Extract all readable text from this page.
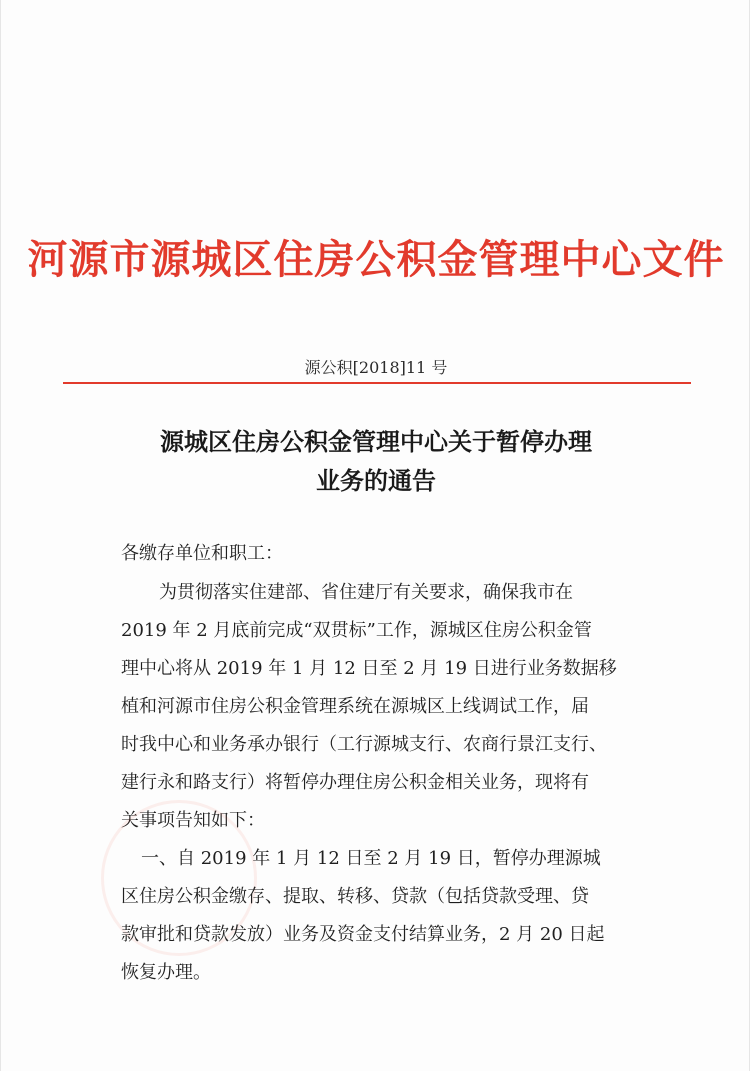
河源市源城区住房公积金管理中心文件
源公积[2018]11 号
源城区住房公积金管理中心关于暂停办理
业务的通告
各缴存单位和职工：
为贯彻落实住建部、省住建厅有关要求，确保我市在
2019 年 2 月底前完成“双贯标”工作，源城区住房公积金管
理中心将从 2019 年 1 月 12 日至 2 月 19 日进行业务数据移
植和河源市住房公积金管理系统在源城区上线调试工作，届
时我中心和业务承办银行（工行源城支行、农商行景江支行、
建行永和路支行）将暂停办理住房公积金相关业务，现将有
关事项告知如下：
一、自 2019 年 1 月 12 日至 2 月 19 日，暂停办理源城
区住房公积金缴存、提取、转移、贷款（包括贷款受理、贷
款审批和贷款发放）业务及资金支付结算业务，2 月 20 日起
恢复办理。
